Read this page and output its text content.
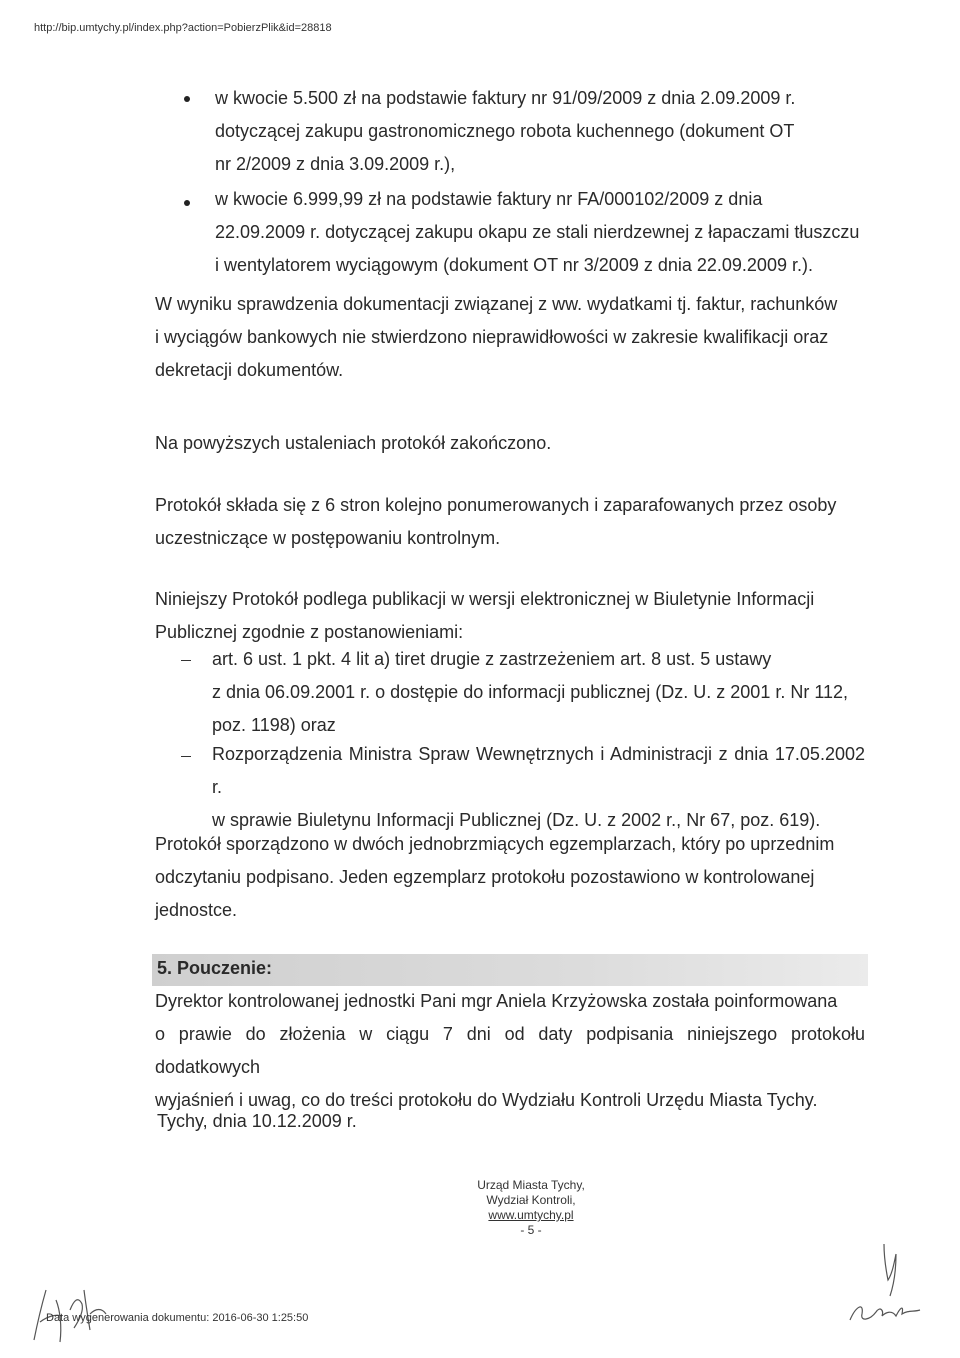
http://bip.umtychy.pl/index.php?action=PobierzPlik&id=28818
w kwocie 5.500 zł na podstawie faktury nr 91/09/2009 z dnia 2.09.2009 r.
dotyczącej zakupu gastronomicznego robota kuchennego (dokument OT
nr 2/2009 z dnia 3.09.2009 r.),
w kwocie 6.999,99 zł na podstawie faktury nr FA/000102/2009 z dnia
22.09.2009 r. dotyczącej zakupu okapu ze stali nierdzewnej z łapaczami tłuszczu
i wentylatorem wyciągowym (dokument OT nr 3/2009 z dnia 22.09.2009 r.).
W wyniku sprawdzenia dokumentacji związanej z ww. wydatkami tj. faktur, rachunków
i wyciągów bankowych nie stwierdzono nieprawidłowości w zakresie kwalifikacji oraz
dekretacji dokumentów.
Na powyższych ustaleniach protokół zakończono.
Protokół składa się z 6 stron kolejno ponumerowanych i zaparafowanych przez osoby
uczestniczące w postępowaniu kontrolnym.
Niniejszy Protokół podlega publikacji w wersji elektronicznej w Biuletynie Informacji
Publicznej zgodnie z postanowieniami:
art. 6 ust. 1 pkt. 4 lit a) tiret drugie z zastrzeżeniem art. 8 ust. 5 ustawy
z dnia 06.09.2001 r. o dostępie do informacji publicznej (Dz. U. z 2001 r. Nr 112,
poz. 1198) oraz
Rozporządzenia Ministra Spraw Wewnętrznych i Administracji z dnia 17.05.2002 r.
w sprawie Biuletynu Informacji Publicznej (Dz. U. z 2002 r., Nr 67, poz. 619).
Protokół sporządzono w dwóch jednobrzmiących egzemplarzach, który po uprzednim
odczytaniu podpisano. Jeden egzemplarz protokołu pozostawiono w kontrolowanej
jednostce.
5. Pouczenie:
Dyrektor kontrolowanej jednostki Pani mgr Aniela Krzyżowska została poinformowana
o prawie do złożenia w ciągu 7 dni od daty podpisania niniejszego protokołu dodatkowych
wyjaśnień i uwag, co do treści protokołu do Wydziału Kontroli Urzędu Miasta Tychy.
Tychy, dnia 10.12.2009 r.
Urząd Miasta Tychy,
Wydział Kontroli,
www.umtychy.pl
- 5 -
Data wygenerowania dokumentu: 2016-06-30 1:25:50
